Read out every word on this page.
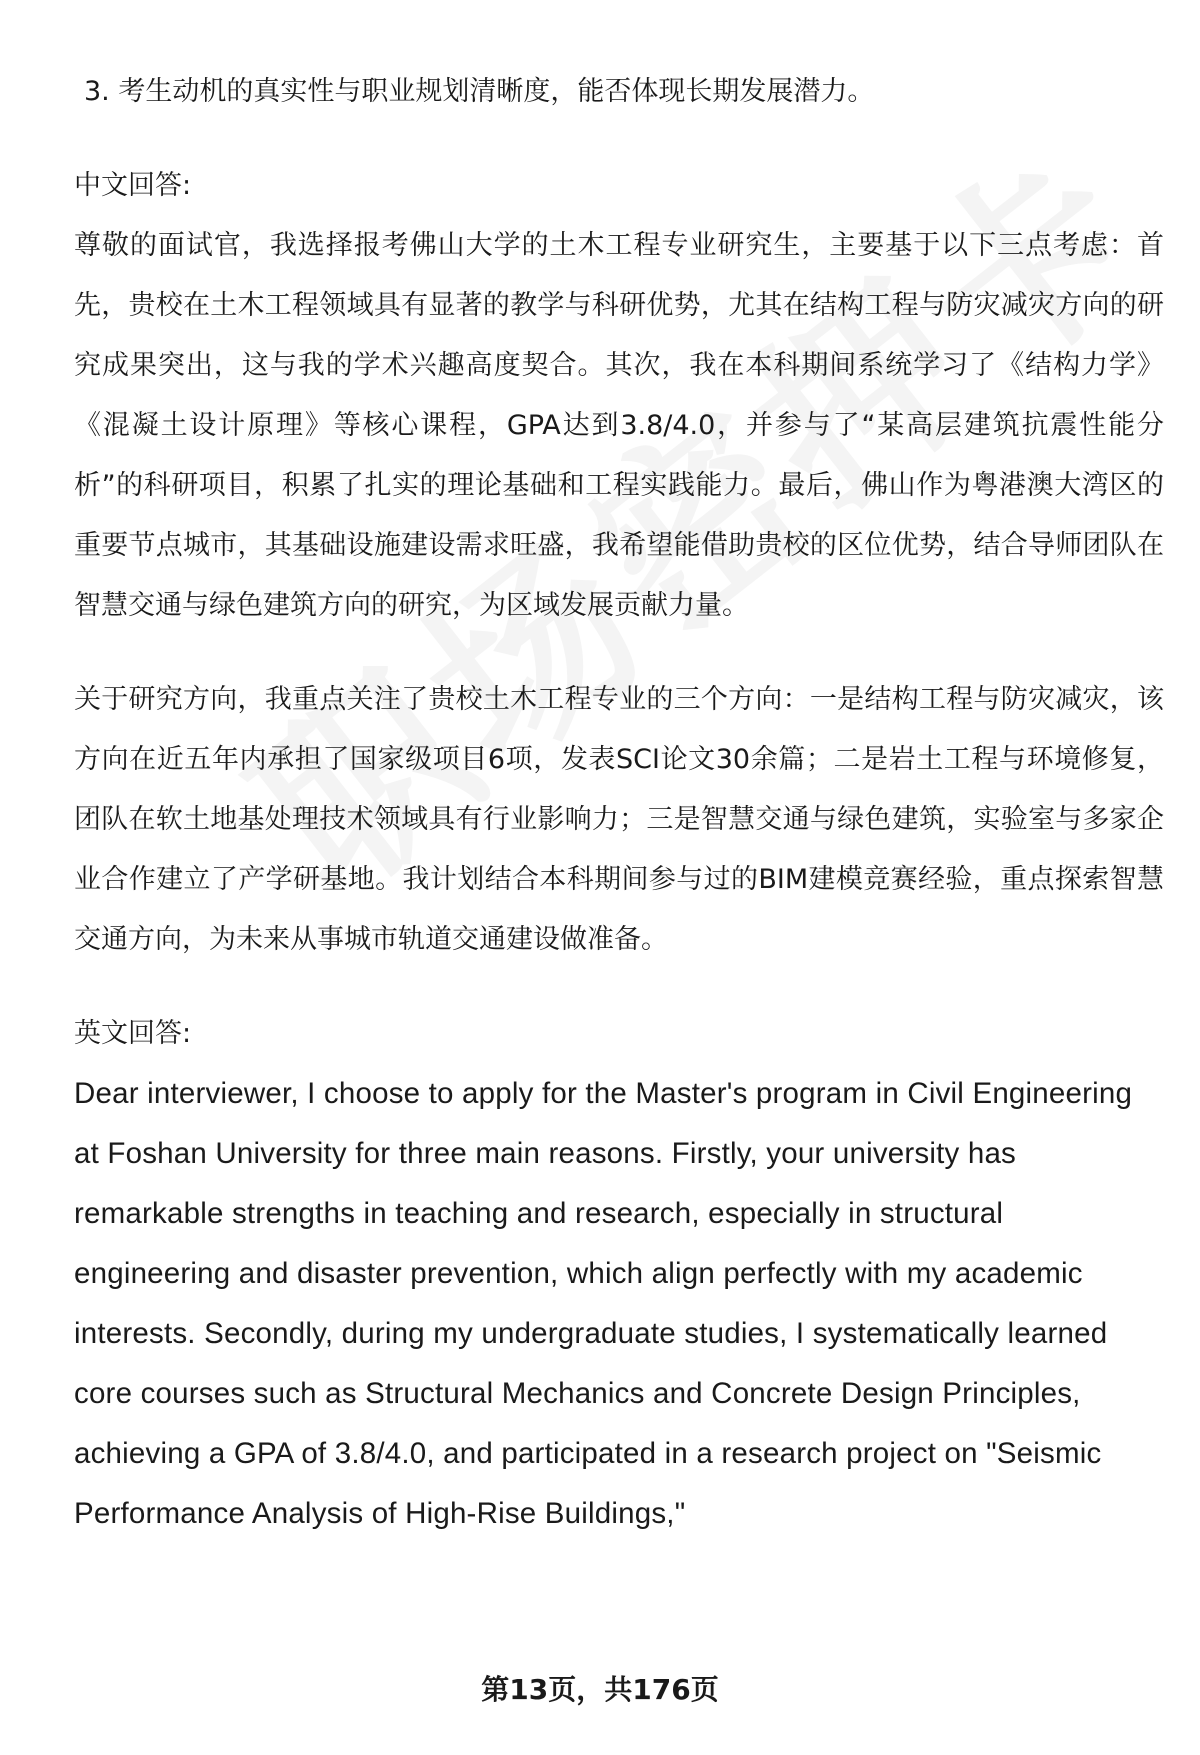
3. 考生动机的真实性与职业规划清晰度，能否体现长期发展潜力。

中文回答:

尊敬的面试官，我选择报考佛山大学的土木工程专业研究生，主要基于以下三点考虑：首先，贵校在土木工程领域具有显著的教学与科研优势，尤其在结构工程与防灾减灾方向的研究成果突出，这与我的学术兴趣高度契合。其次，我在本科期间系统学习了《结构力学》《混凝土设计原理》等核心课程，GPA达到3.8/4.0，并参与了“某高层建筑抗震性能分析”的科研项目，积累了扎实的理论基础和工程实践能力。最后，佛山作为粤港澳大湾区的重要节点城市，其基础设施建设需求旺盛，我希望能借助贵校的区位优势，结合导师团队在智慧交通与绿色建筑方向的研究，为区域发展贡献力量。

关于研究方向，我重点关注了贵校土木工程专业的三个方向：一是结构工程与防灾减灾，该方向在近五年内承担了国家级项目6项，发表SCI论文30余篇；二是岩土工程与环境修复，团队在软土地基处理技术领域具有行业影响力；三是智慧交通与绿色建筑，实验室与多家企业合作建立了产学研基地。我计划结合本科期间参与过的BIM建模竞赛经验，重点探索智慧交通方向，为未来从事城市轨道交通建设做准备。

英文回答:

Dear interviewer, I choose to apply for the Master's program in Civil Engineering at Foshan University for three main reasons. Firstly, your university has remarkable strengths in teaching and research, especially in structural engineering and disaster prevention, which align perfectly with my academic interests. Secondly, during my undergraduate studies, I systematically learned core courses such as Structural Mechanics and Concrete Design Principles, achieving a GPA of 3.8/4.0, and participated in a research project on "Seismic Performance Analysis of High-Rise Buildings,"

第13页，共176页
